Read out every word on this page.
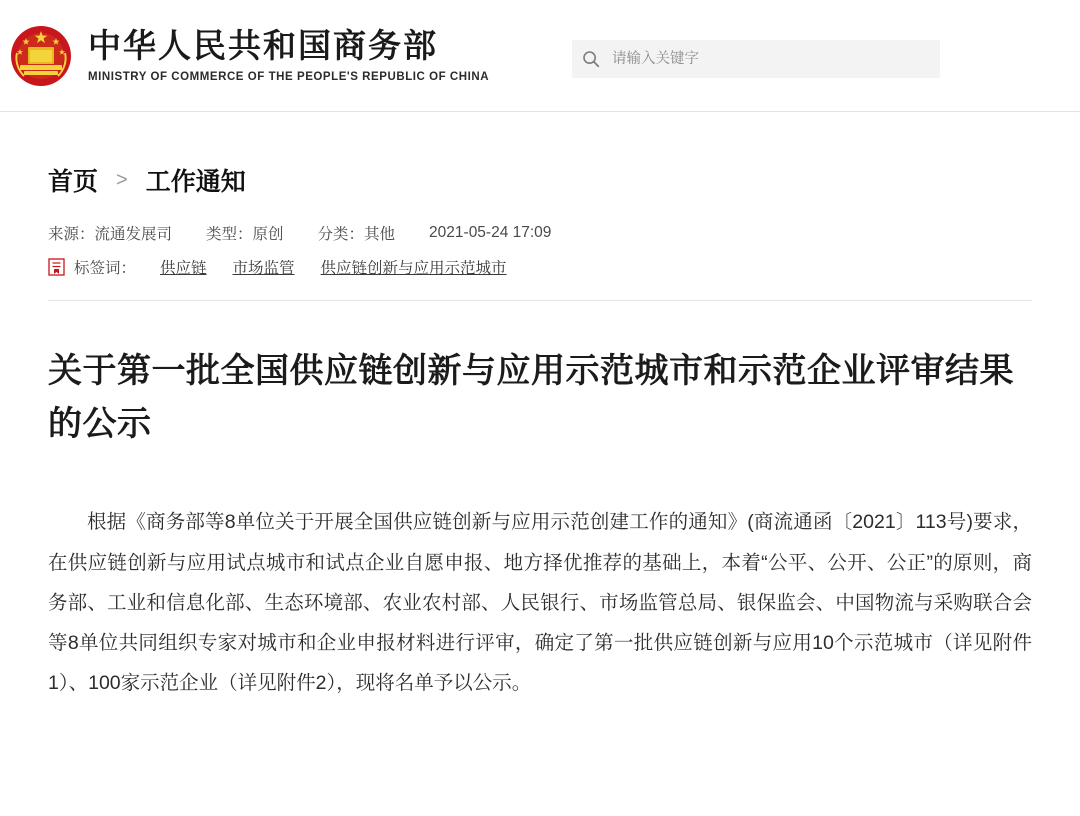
中华人民共和国商务部
MINISTRY OF COMMERCE OF THE PEOPLE'S REPUBLIC OF CHINA
请输入关键字
首页 > 工作通知
来源：流通发展司 类型：原创 分类：其他 2021-05-24 17:09
标签词： 供应链 市场监管 供应链创新与应用示范城市
关于第一批全国供应链创新与应用示范城市和示范企业评审结果的公示

根据《商务部等8单位关于开展全国供应链创新与应用示范创建工作的通知》(商流通函〔2021〕113号)要求，在供应链创新与应用试点城市和试点企业自愿申报、地方择优推荐的基础上，本着“公平、公开、公正”的原则，商务部、工业和信息化部、生态环境部、农业农村部、人民银行、市场监管总局、银保监会、中国物流与采购联合会等8单位共同组织专家对城市和企业申报材料进行评审，确定了第一批供应链创新与应用10个示范城市（详见附件1）、100家示范企业（详见附件2），现将名单予以公示。
